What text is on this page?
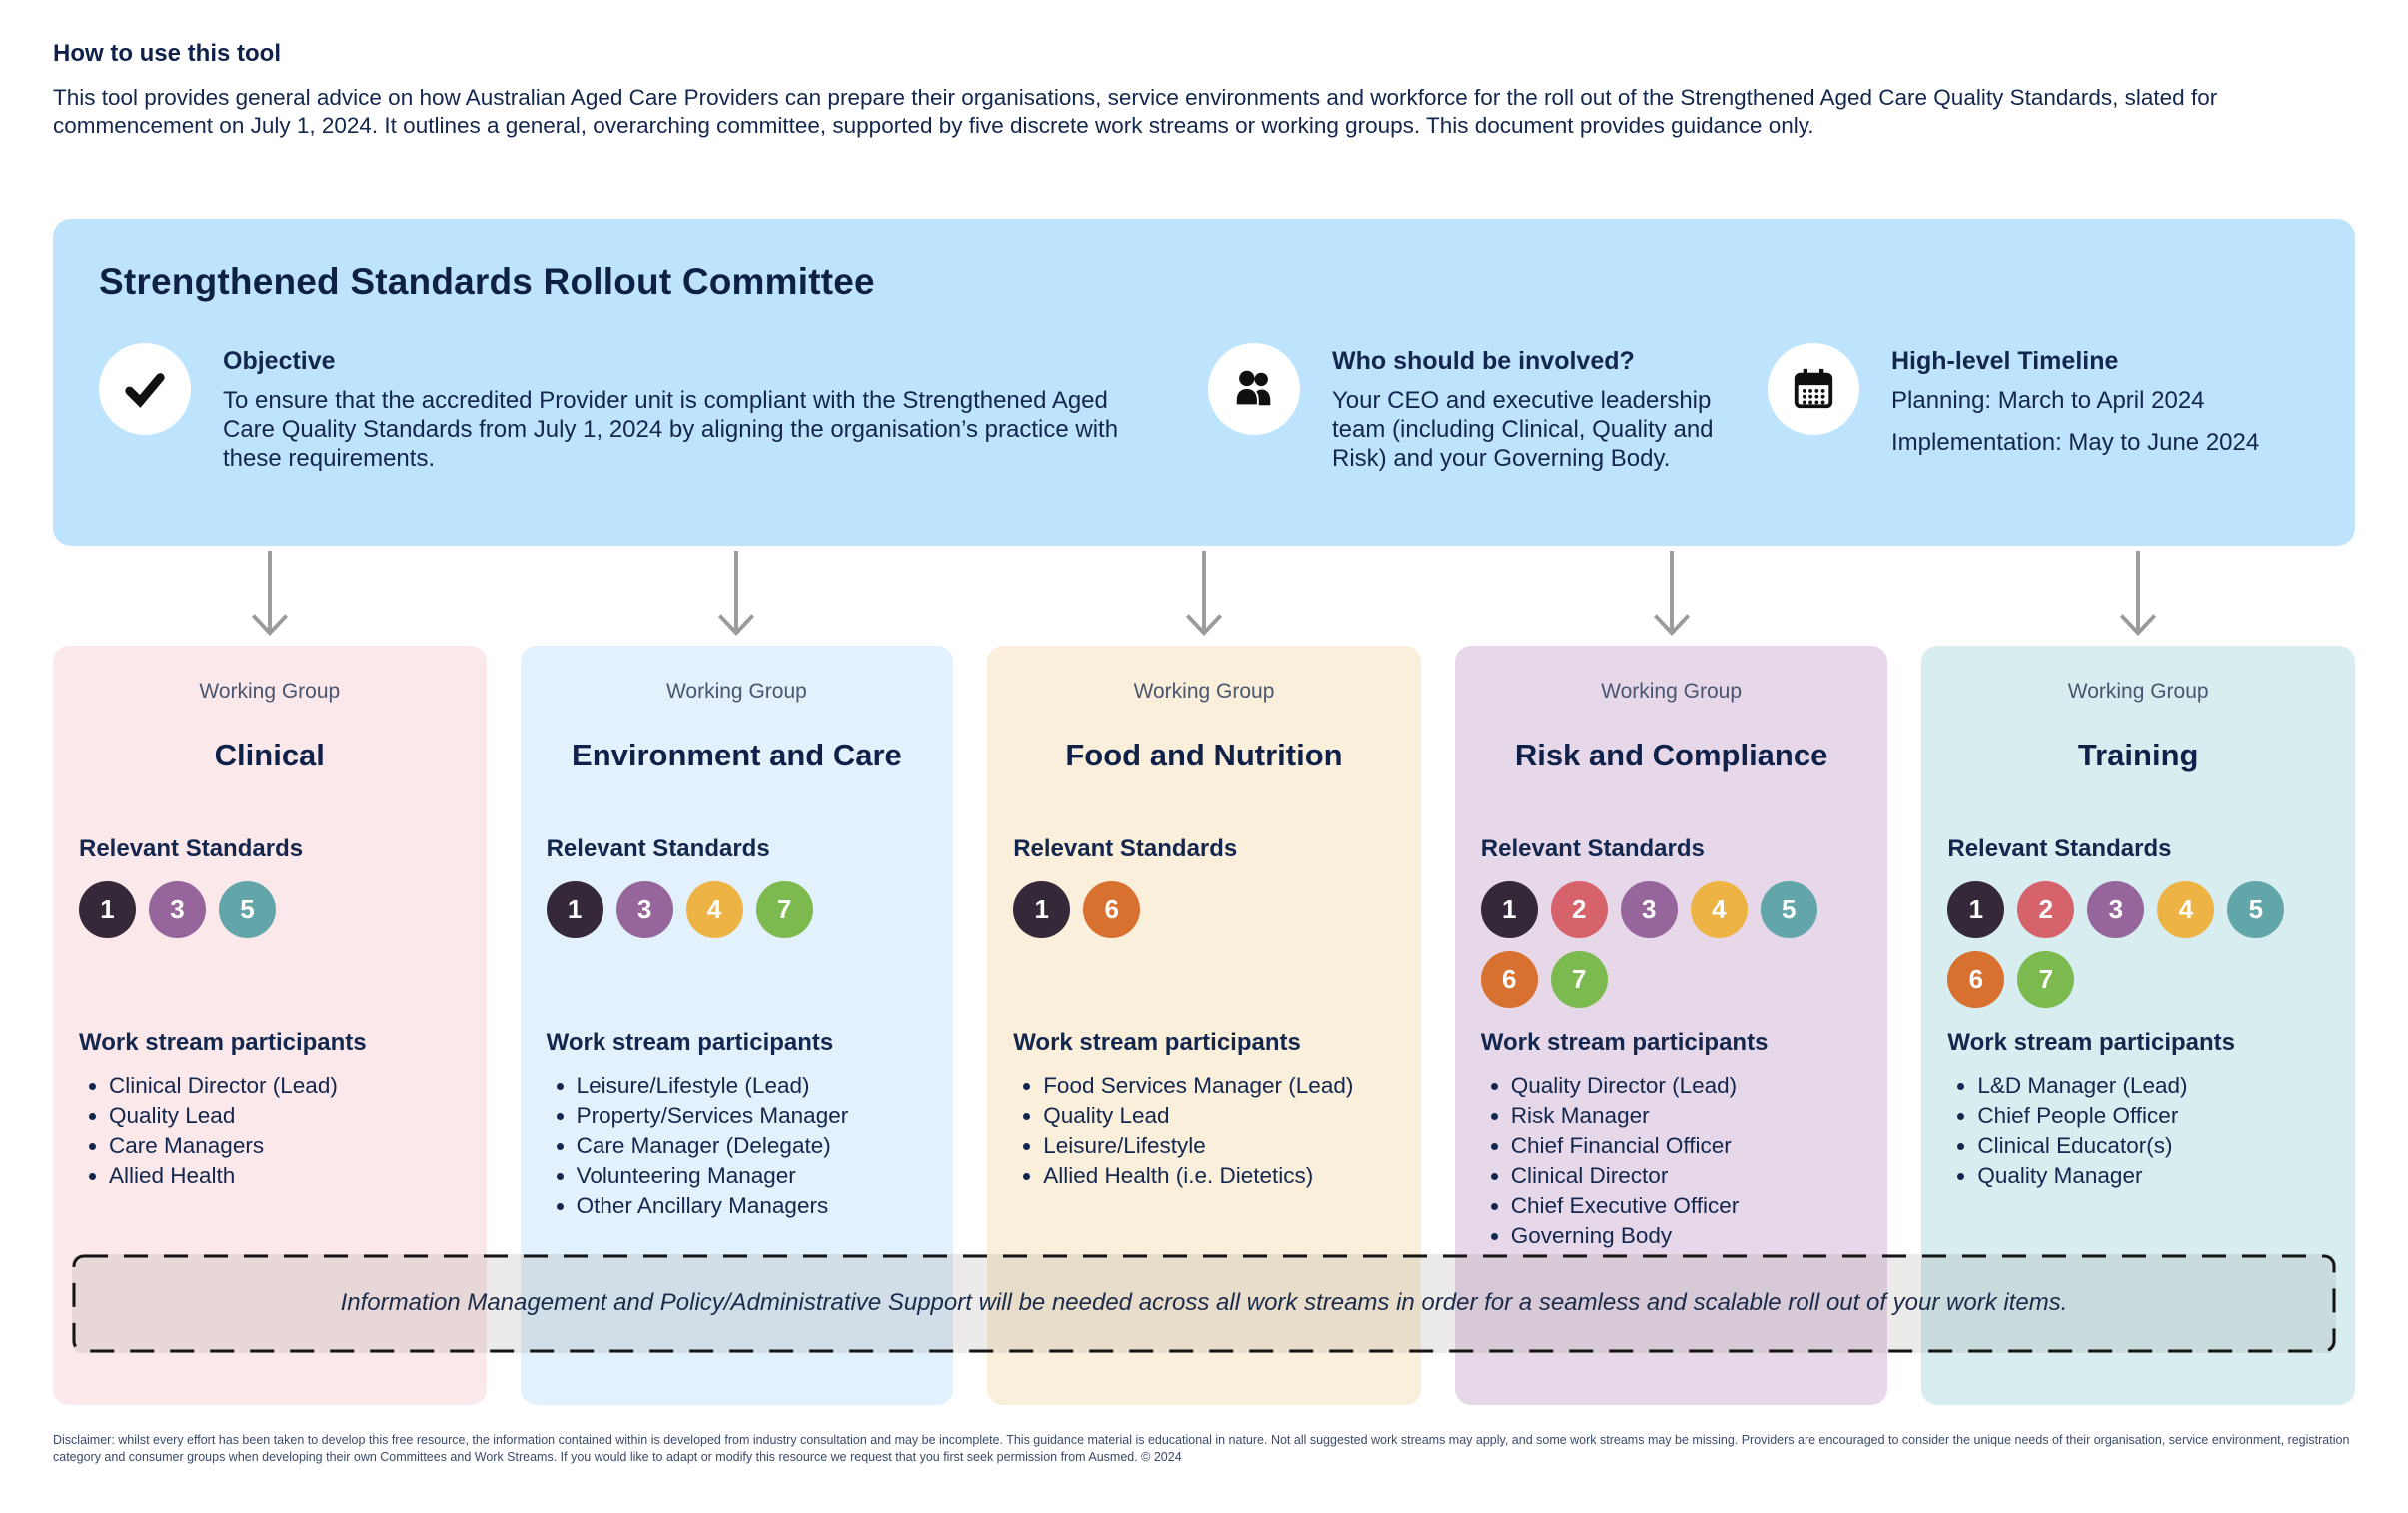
How to use this tool

This tool provides general advice on how Australian Aged Care Providers can prepare their organisations, service environments and workforce for the roll out of the Strengthened Aged Care Quality Standards, slated for commencement on July 1, 2024. It outlines a general, overarching committee, supported by five discrete work streams or working groups. This document provides guidance only.

Strengthened Standards Rollout Committee
Objective

To ensure that the accredited Provider unit is compliant with the Strengthened Aged Care Quality Standards from July 1, 2024 by aligning the organisation’s practice with these requirements.

Who should be involved?

Your CEO and executive leadership team (including Clinical, Quality and Risk) and your Governing Body.

High-level Timeline

Planning: March to April 2024

Implementation: May to June 2024

Working Group

Clinical
Relevant Standards
1	3	5
Work stream participants
• Clinical Director (Lead)
• Quality Lead
• Care Managers
• Allied Health

Working Group

Environment and Care
Relevant Standards
1	3	4	7
Work stream participants
• Leisure/Lifestyle (Lead)
• Property/Services Manager
• Care Manager (Delegate)
• Volunteering Manager
• Other Ancillary Managers

Working Group

Food and Nutrition
Relevant Standards
1	6
Work stream participants
• Food Services Manager (Lead)
• Quality Lead
• Leisure/Lifestyle
• Allied Health (i.e. Dietetics)

Working Group

Risk and Compliance
Relevant Standards
1	2	3	4	5
6	7
Work stream participants
• Quality Director (Lead)
• Risk Manager
• Chief Financial Officer
• Clinical Director
• Chief Executive Officer
• Governing Body

Working Group

Training
Relevant Standards
1	2	3	4	5
6	7
Work stream participants
• L&D Manager (Lead)
• Chief People Officer
• Clinical Educator(s)
• Quality Manager

Information Management and Policy/Administrative Support will be needed across all work streams in order for a seamless and scalable roll out of your work items.

Disclaimer: whilst every effort has been taken to develop this free resource, the information contained within is developed from industry consultation and may be incomplete. This guidance material is educational in nature. Not all suggested work streams may apply, and some work streams may be missing. Providers are encouraged to consider the unique needs of their organisation, service environment, registration category and consumer groups when developing their own Committees and Work Streams. If you would like to adapt or modify this resource we request that you first seek permission from Ausmed. © 2024
